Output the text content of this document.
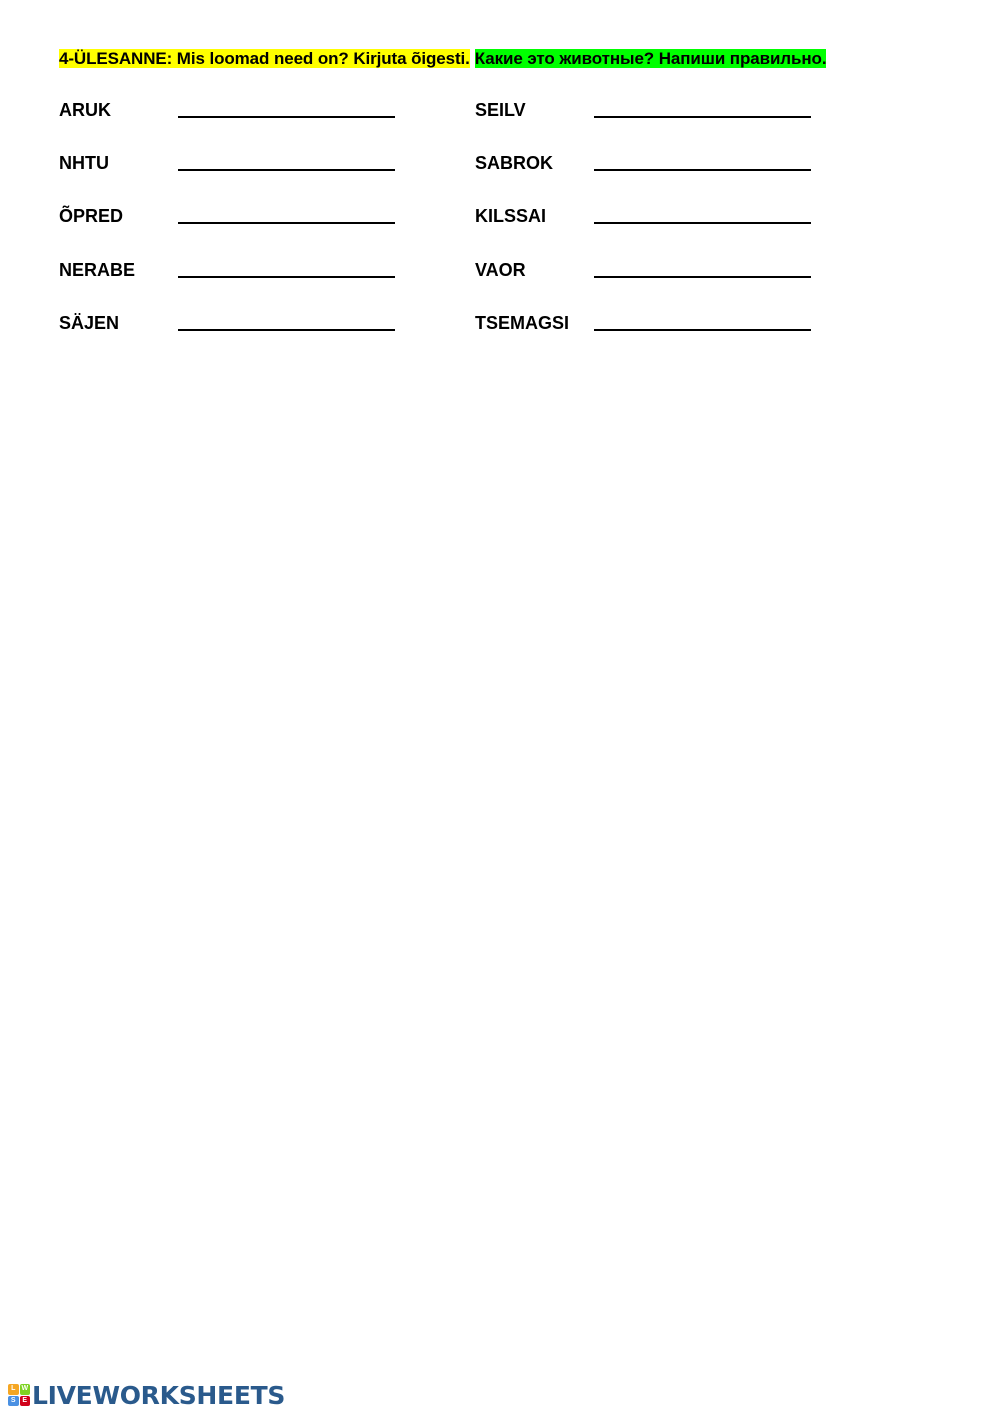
4-ÜLESANNE: Mis loomad need on? Kirjuta õigesti. Какие это животные? Напиши правильно.
ARUK
NHTU
ÕPRED
NERABE
SÄJEN
SEILV
SABROK
KILSSAI
VAOR
TSEMAGSI
L W
S E LIVEWORKSHEETS
